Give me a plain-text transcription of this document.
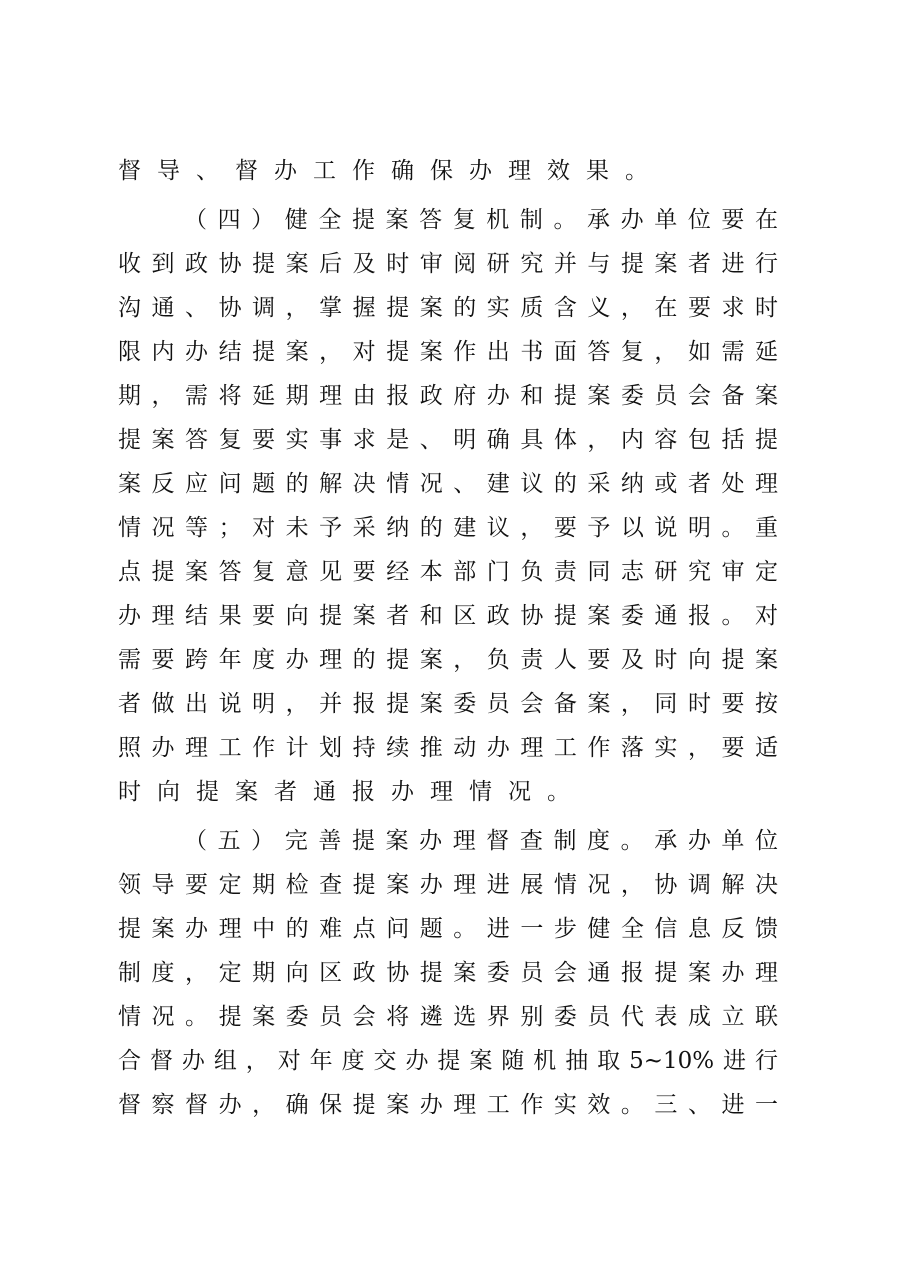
督导、督办工作确保办理效果。
（​四​）​健​全​提​案​答​复​机​制​。​承​办​单​位​要​在
收​到​政​协​提​案​后​及​时​审​阅​研​究​并​与​提​案​者​进​行
沟​通​、​协​调​，​掌​握​提​案​的​实​质​含​义​，​在​要​求​时
限​内​办​结​提​案​，​对​提​案​作​出​书​面​答​复​，​如​需​延
期​，​需​将​延​期​理​由​报​政​府​办​和​提​案​委​员​会​备​案
提​案​答​复​要​实​事​求​是​、​明​确​具​体​，​内​容​包​括​提
案​反​应​问​题​的​解​决​情​况​、​建​议​的​采​纳​或​者​处​理
情​况​等​；​对​未​予​采​纳​的​建​议​，​要​予​以​说​明​。​重
点​提​案​答​复​意​见​要​经​本​部​门​负​责​同​志​研​究​审​定
办​理​结​果​要​向​提​案​者​和​区​政​协​提​案​委​通​报​。​对
需​要​跨​年​度​办​理​的​提​案​，​负​责​人​要​及​时​向​提​案
者​做​出​说​明​，​并​报​提​案​委​员​会​备​案​，​同​时​要​按
照​办​理​工​作​计​划​持​续​推​动​办​理​工​作​落​实​，​要​适
时向提案者通报办理情况。
（​五​）​完​善​提​案​办​理​督​查​制​度​。​承​办​单​位
领​导​要​定​期​检​查​提​案​办​理​进​展​情​况​，​协​调​解​决
提​案​办​理​中​的​难​点​问​题​。​进​一​步​健​全​信​息​反​馈
制​度​，​定​期​向​区​政​协​提​案​委​员​会​通​报​提​案​办​理
情​况​。​提​案​委​员​会​将​遴​选​界​别​委​员​代​表​成​立​联
合​督​办​组​，​对​年​度​交​办​提​案​随​机​抽​取​5​~​1​0​%​进​行
督​察​督​办​，​确​保​提​案​办​理​工​作​实​效​。​三​、​进​一
